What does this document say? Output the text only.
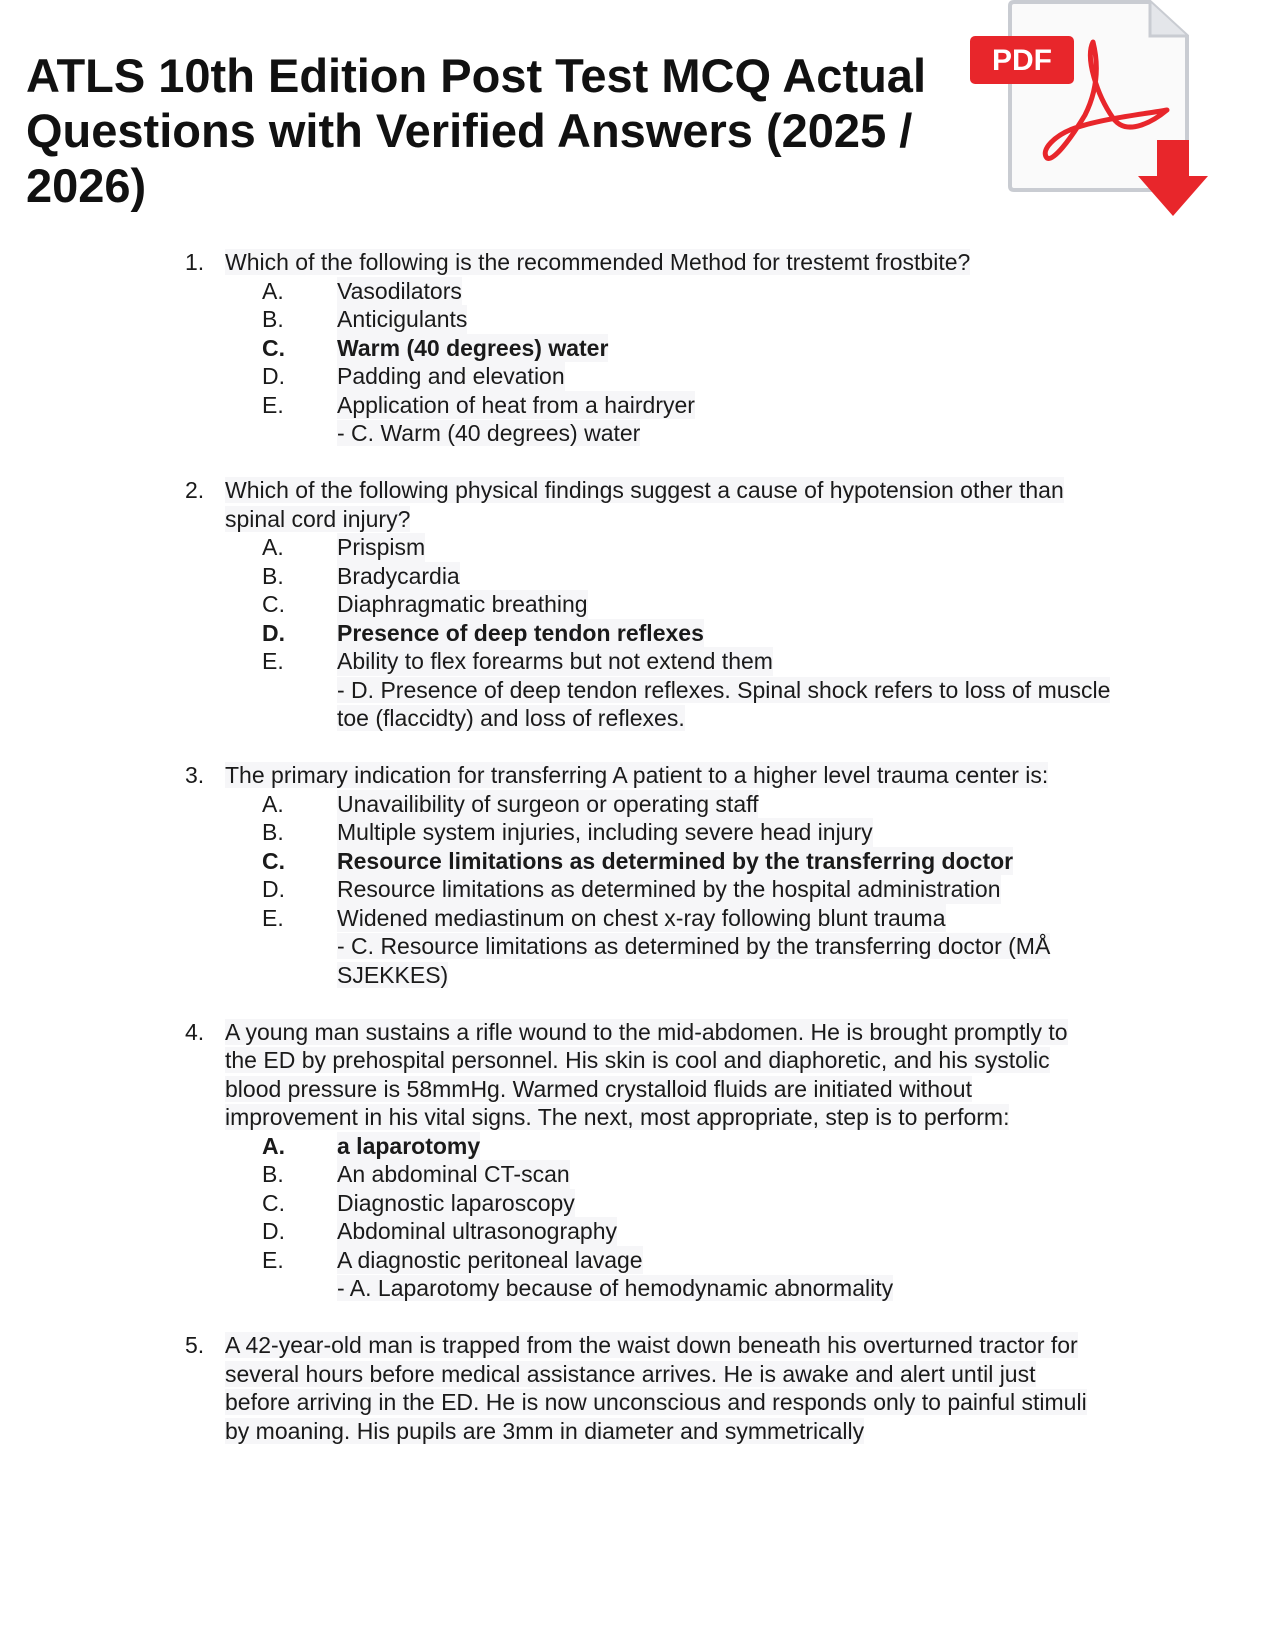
ATLS 10th Edition Post Test MCQ Actual Questions with Verified Answers (2025 / 2026)
PDF
1. Which of the following is the recommended Method for trestemt frostbite?
A. Vasodilators
B. Anticigulants
C. Warm (40 degrees) water
D. Padding and elevation
E. Application of heat from a hairdryer
- C. Warm (40 degrees) water
2. Which of the following physical findings suggest a cause of hypotension other than spinal cord injury?
A. Prispism
B. Bradycardia
C. Diaphragmatic breathing
D. Presence of deep tendon reflexes
E. Ability to flex forearms but not extend them
- D. Presence of deep tendon reflexes. Spinal shock refers to loss of muscle toe (flaccidty) and loss of reflexes.
3. The primary indication for transferring A patient to a higher level trauma center is:
A. Unavailibility of surgeon or operating staff
B. Multiple system injuries, including severe head injury
C. Resource limitations as determined by the transferring doctor
D. Resource limitations as determined by the hospital administration
E. Widened mediastinum on chest x-ray following blunt trauma
- C. Resource limitations as determined by the transferring doctor (MÅ SJEKKES)
4. A young man sustains a rifle wound to the mid-abdomen. He is brought promptly to the ED by prehospital personnel. His skin is cool and diaphoretic, and his systolic blood pressure is 58mmHg. Warmed crystalloid fluids are initiated without improvement in his vital signs. The next, most appropriate, step is to perform:
A. a laparotomy
B. An abdominal CT-scan
C. Diagnostic laparoscopy
D. Abdominal ultrasonography
E. A diagnostic peritoneal lavage
- A. Laparotomy because of hemodynamic abnormality
5. A 42-year-old man is trapped from the waist down beneath his overturned tractor for several hours before medical assistance arrives. He is awake and alert until just before arriving in the ED. He is now unconscious and responds only to painful stimuli by moaning. His pupils are 3mm in diameter and symmetrically
